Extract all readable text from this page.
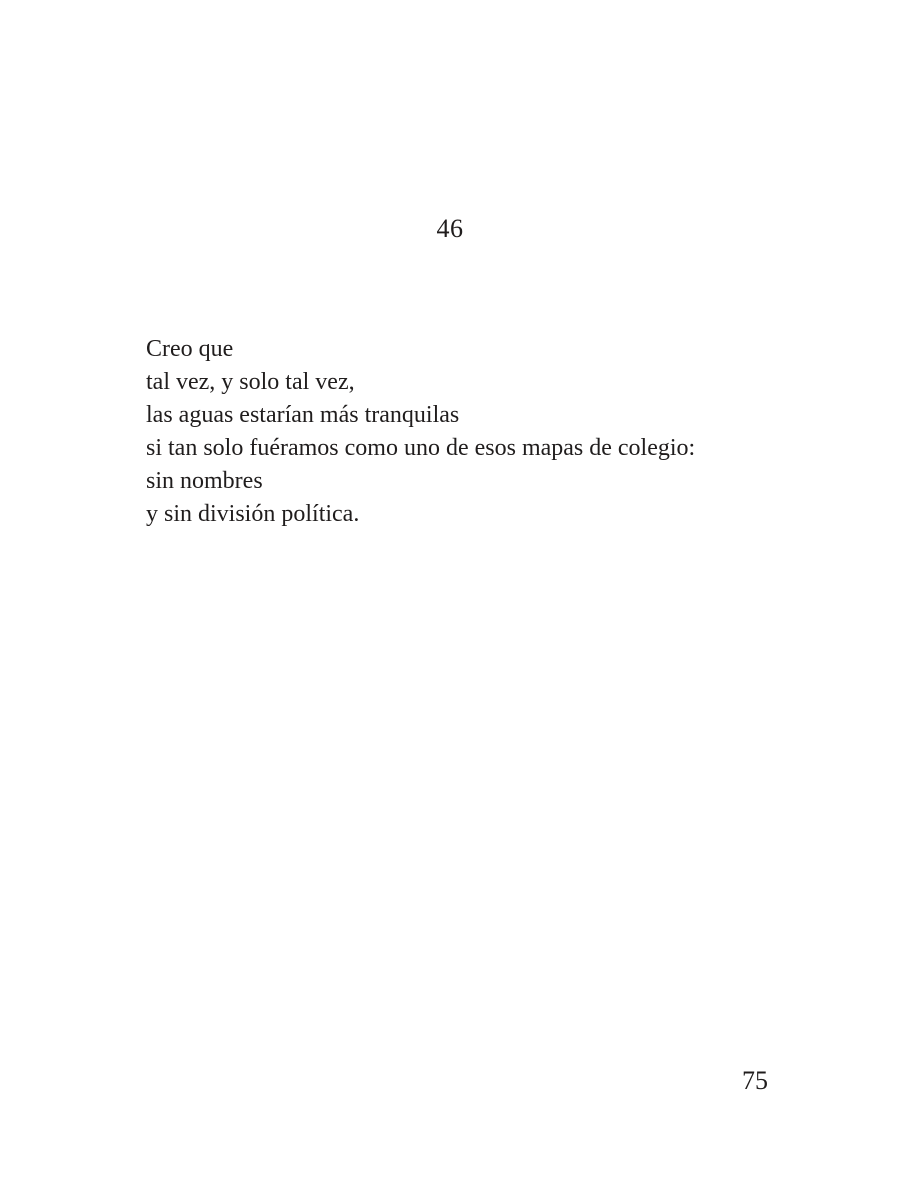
46
Creo que
tal vez, y solo tal vez,
las aguas estarían más tranquilas
si tan solo fuéramos como uno de esos mapas de colegio:
sin nombres
y sin división política.
75
